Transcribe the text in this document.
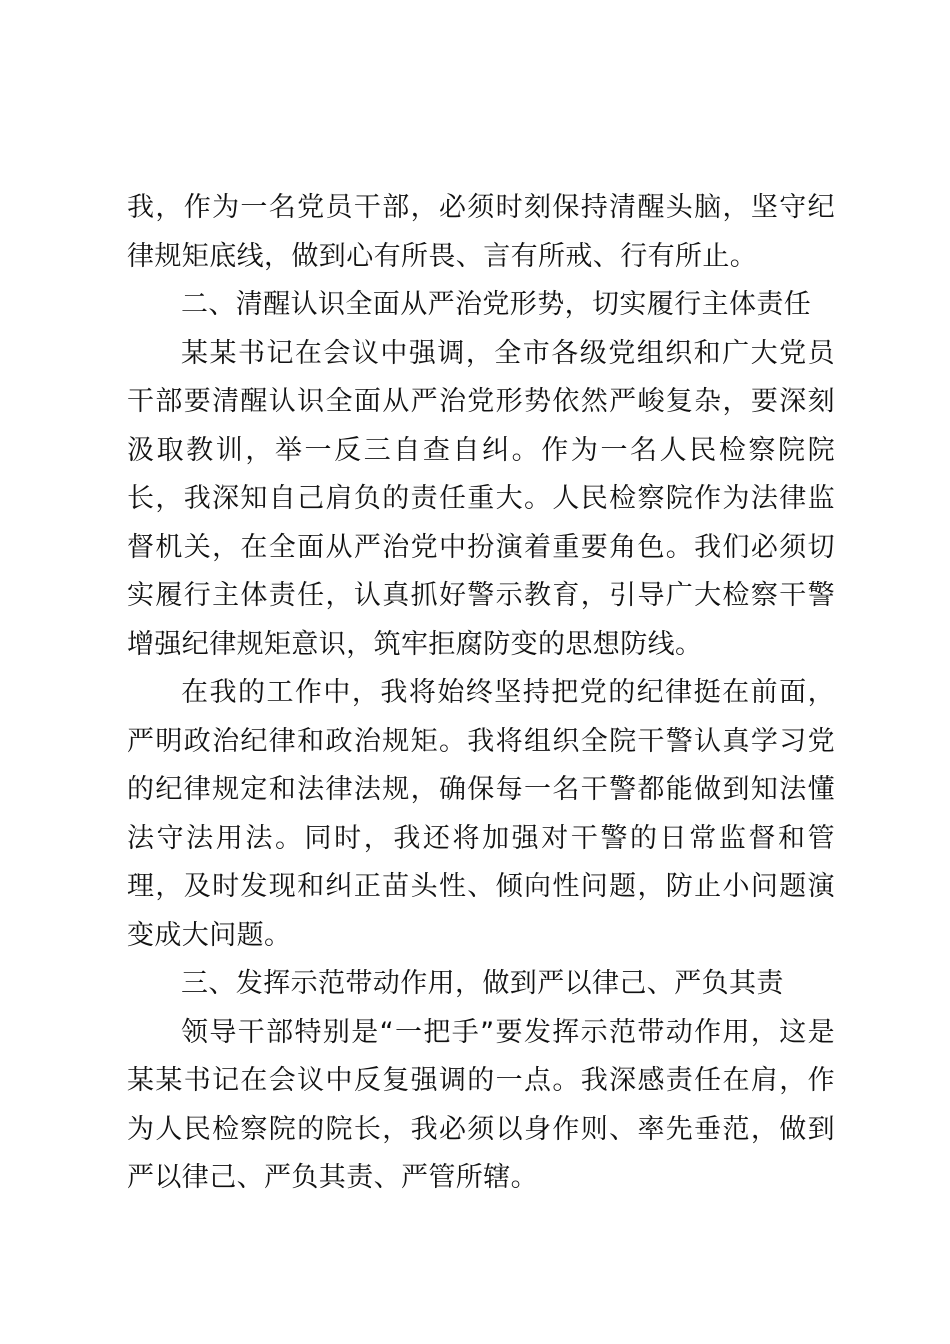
我，作为一名党员干部，必须时刻保持清醒头脑，坚守纪律规矩底线，做到心有所畏、言有所戒、行有所止。

二、清醒认识全面从严治党形势，切实履行主体责任

某某书记在会议中强调，全市各级党组织和广大党员干部要清醒认识全面从严治党形势依然严峻复杂，要深刻汲取教训，举一反三自查自纠。作为一名人民检察院院长，我深知自己肩负的责任重大。人民检察院作为法律监督机关，在全面从严治党中扮演着重要角色。我们必须切实履行主体责任，认真抓好警示教育，引导广大检察干警增强纪律规矩意识，筑牢拒腐防变的思想防线。

在我的工作中，我将始终坚持把党的纪律挺在前面，严明政治纪律和政治规矩。我将组织全院干警认真学习党的纪律规定和法律法规，确保每一名干警都能做到知法懂法守法用法。同时，我还将加强对干警的日常监督和管理，及时发现和纠正苗头性、倾向性问题，防止小问题演变成大问题。

三、发挥示范带动作用，做到严以律己、严负其责

领导干部特别是“一把手”要发挥示范带动作用，这是某某书记在会议中反复强调的一点。我深感责任在肩，作为人民检察院的院长，我必须以身作则、率先垂范，做到严以律己、严负其责、严管所辖。
